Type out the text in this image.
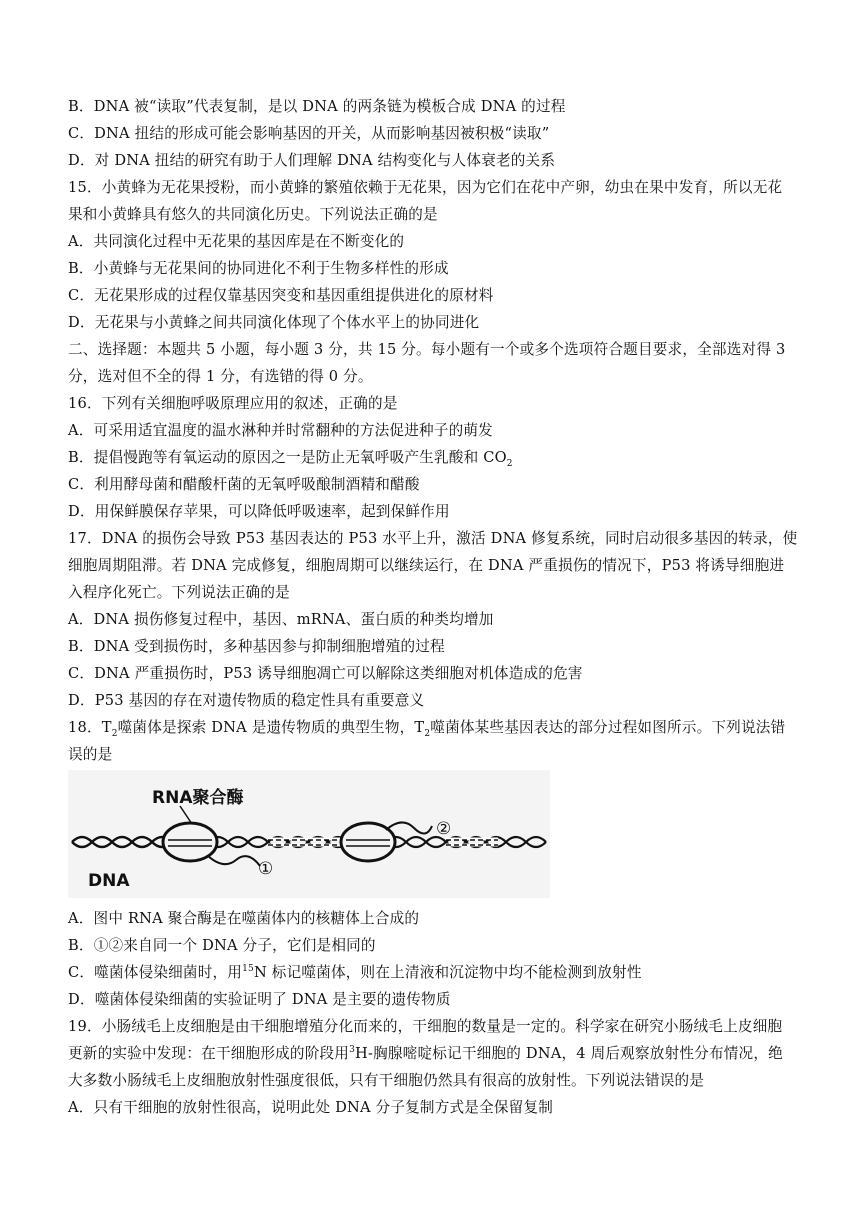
B．DNA 被“读取”代表复制，是以 DNA 的两条链为模板合成 DNA 的过程
C．DNA 扭结的形成可能会影响基因的开关，从而影响基因被积极“读取”
D．对 DNA 扭结的研究有助于人们理解 DNA 结构变化与人体衰老的关系
15．小黄蜂为无花果授粉，而小黄蜂的繁殖依赖于无花果，因为它们在花中产卵，幼虫在果中发育，所以无花
果和小黄蜂具有悠久的共同演化历史。下列说法正确的是
A．共同演化过程中无花果的基因库是在不断变化的
B．小黄蜂与无花果间的协同进化不利于生物多样性的形成
C．无花果形成的过程仅靠基因突变和基因重组提供进化的原材料
D．无花果与小黄蜂之间共同演化体现了个体水平上的协同进化
二、选择题：本题共 5 小题，每小题 3 分，共 15 分。每小题有一个或多个选项符合题目要求，全部选对得 3
分，选对但不全的得 1 分，有选错的得 0 分。
16．下列有关细胞呼吸原理应用的叙述，正确的是
A．可采用适宜温度的温水淋种并时常翻种的方法促进种子的萌发
B．提倡慢跑等有氧运动的原因之一是防止无氧呼吸产生乳酸和 $CO_2$
C．利用酵母菌和醋酸杆菌的无氧呼吸酿制酒精和醋酸
D．用保鲜膜保存苹果，可以降低呼吸速率，起到保鲜作用
17．DNA 的损伤会导致 P53 基因表达的 P53 水平上升，激活 DNA 修复系统，同时启动很多基因的转录，使
细胞周期阻滞。若 DNA 完成修复，细胞周期可以继续运行，在 DNA 严重损伤的情况下，P53 将诱导细胞进
入程序化死亡。下列说法正确的是
A．DNA 损伤修复过程中，基因、mRNA、蛋白质的种类均增加
B．DNA 受到损伤时，多种基因参与抑制细胞增殖的过程
C．DNA 严重损伤时，P53 诱导细胞凋亡可以解除这类细胞对机体造成的危害
D．P53 基因的存在对遗传物质的稳定性具有重要意义
18．$T_2$噬菌体是探索 DNA 是遗传物质的典型生物，$T_2$噬菌体某些基因表达的部分过程如图所示。下列说法错
误的是
RNA聚合酶
DNA
①
②
A．图中 RNA 聚合酶是在噬菌体内的核糖体上合成的
B．①②来自同一个 DNA 分子，它们是相同的
C．噬菌体侵染细菌时，用$^{15}$N 标记噬菌体，则在上清液和沉淀物中均不能检测到放射性
D．噬菌体侵染细菌的实验证明了 DNA 是主要的遗传物质
19．小肠绒毛上皮细胞是由干细胞增殖分化而来的，干细胞的数量是一定的。科学家在研究小肠绒毛上皮细胞
更新的实验中发现：在干细胞形成的阶段用$^3$H-胸腺嘧啶标记干细胞的 DNA，4 周后观察放射性分布情况，绝
大多数小肠绒毛上皮细胞放射性强度很低，只有干细胞仍然具有很高的放射性。下列说法错误的是
A．只有干细胞的放射性很高，说明此处 DNA 分子复制方式是全保留复制
